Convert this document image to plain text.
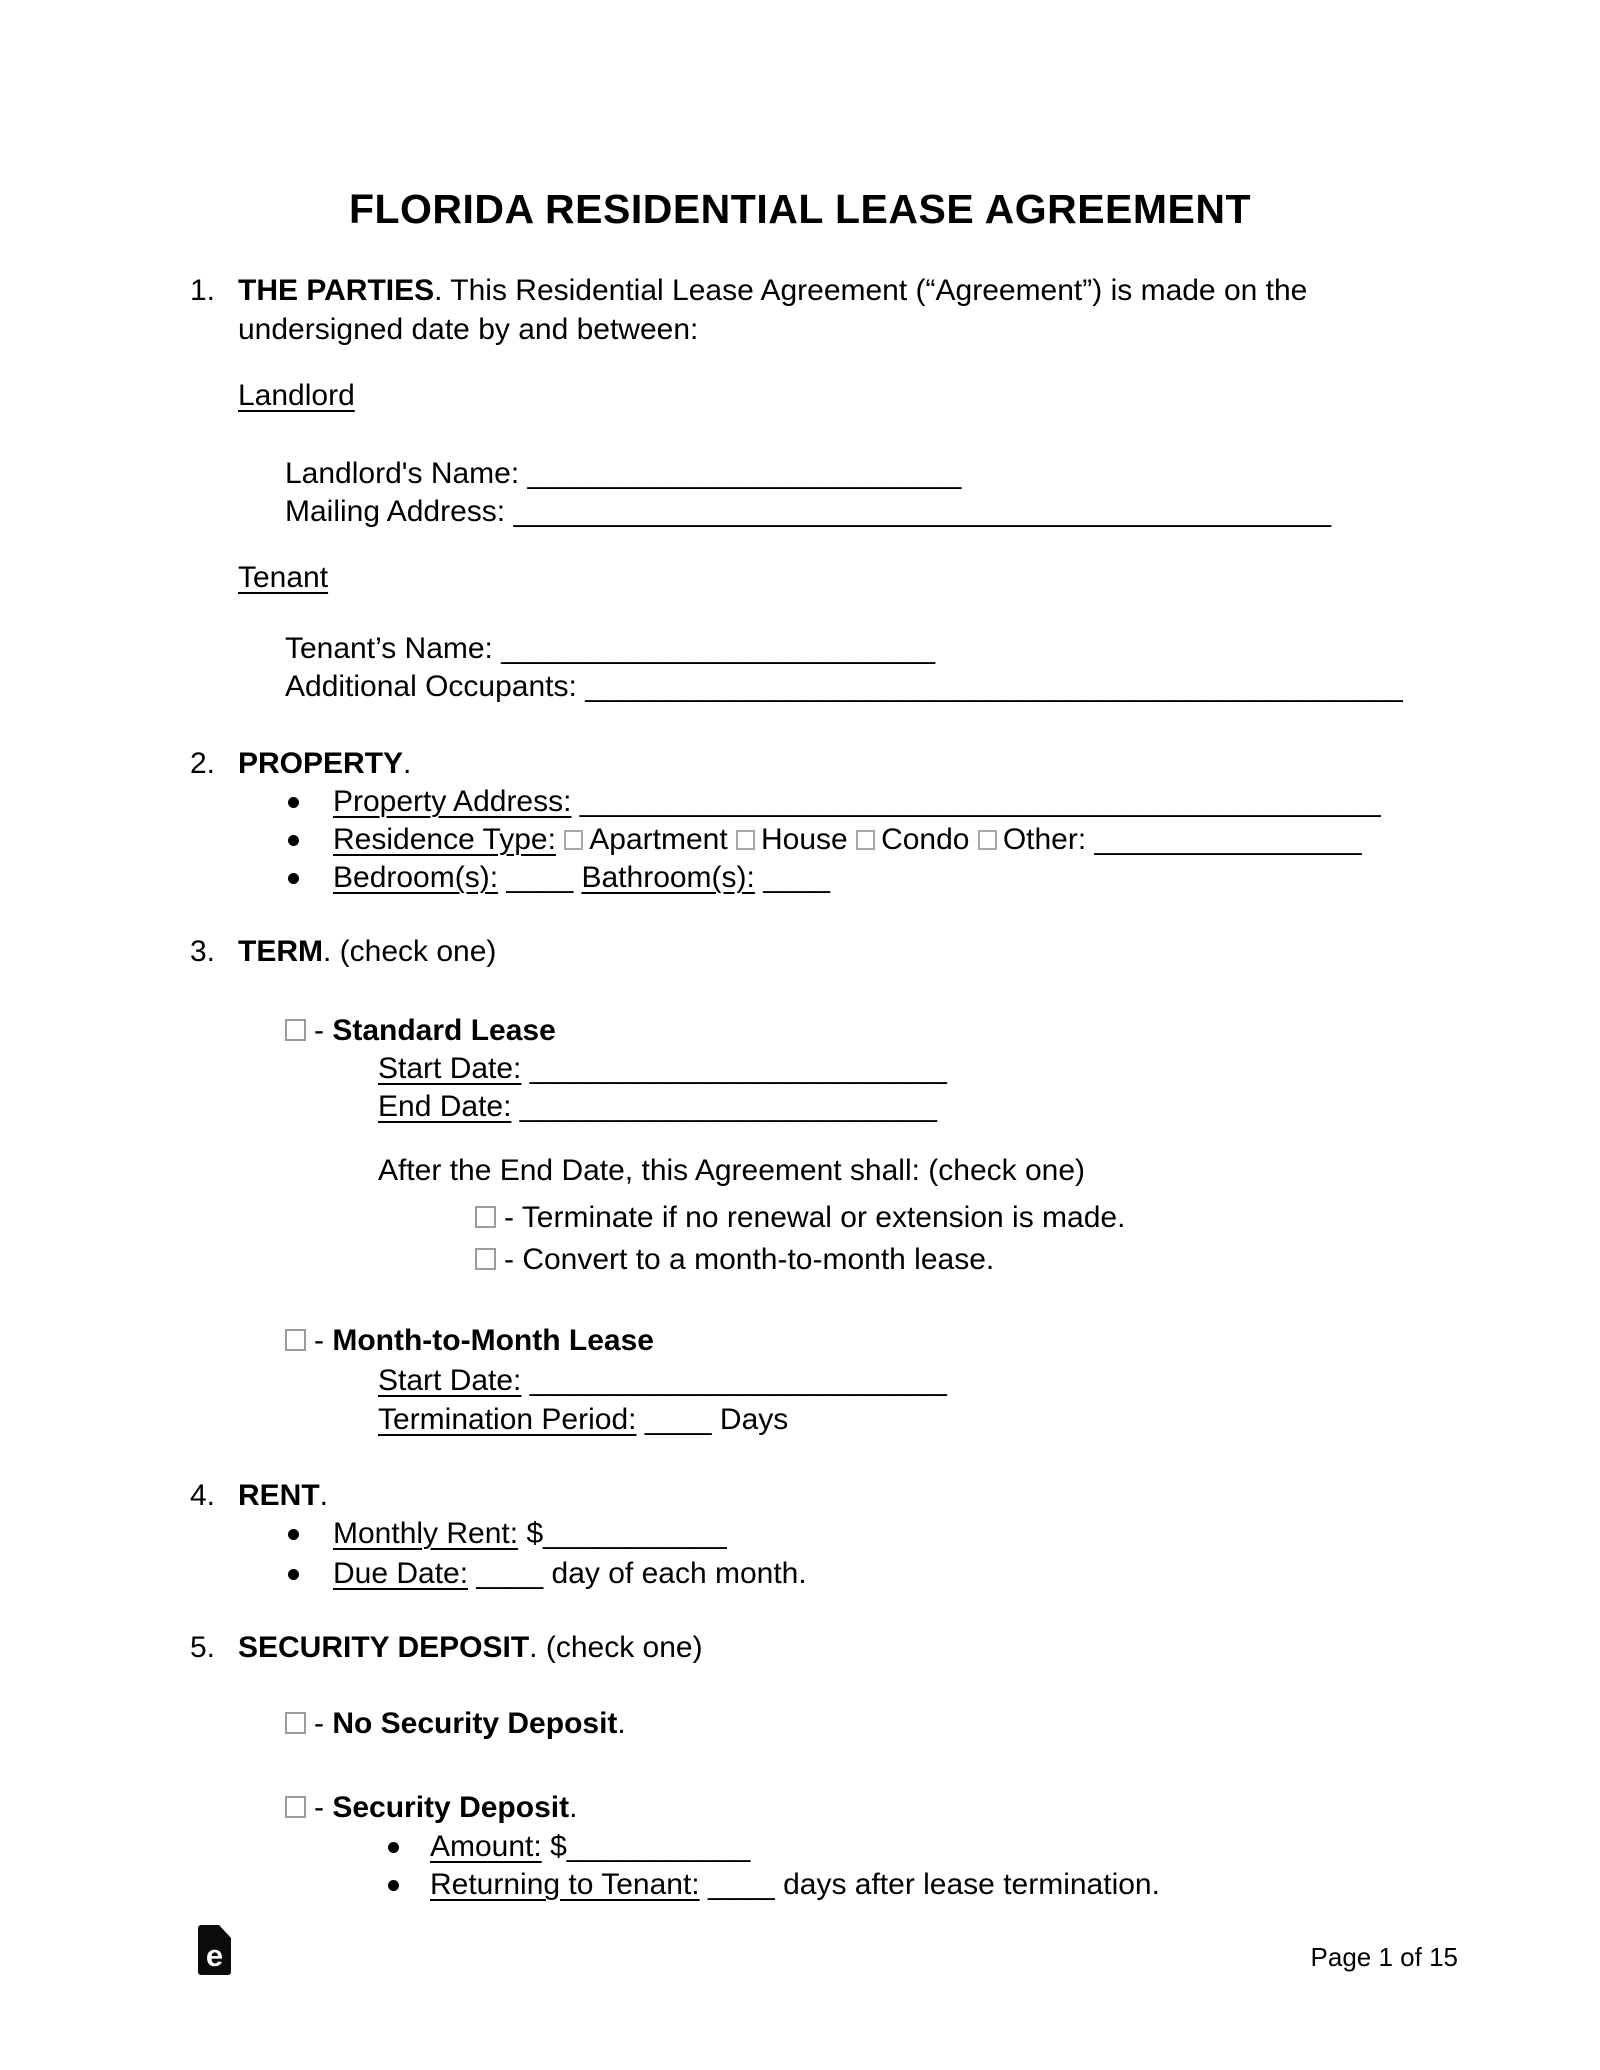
FLORIDA RESIDENTIAL LEASE AGREEMENT
1. THE PARTIES. This Residential Lease Agreement (“Agreement”) is made on the
undersigned date by and between:
Landlord
Landlord's Name: __________________________
Mailing Address: _________________________________________________
Tenant
Tenant’s Name: __________________________
Additional Occupants: _________________________________________________
2. PROPERTY.
Property Address: ________________________________________________
Residence Type: Apartment House Condo Other: ________________
Bedroom(s): ____ Bathroom(s): ____
3. TERM. (check one)
- Standard Lease
Start Date: _________________________
End Date: _________________________
After the End Date, this Agreement shall: (check one)
- Terminate if no renewal or extension is made.
- Convert to a month-to-month lease.
- Month-to-Month Lease
Start Date: _________________________
Termination Period: ____ Days
4. RENT.
Monthly Rent: $___________
Due Date: ____ day of each month.
5. SECURITY DEPOSIT. (check one)
- No Security Deposit.
- Security Deposit.
Amount: $___________
Returning to Tenant: ____ days after lease termination.
e	Page 1 of 15
